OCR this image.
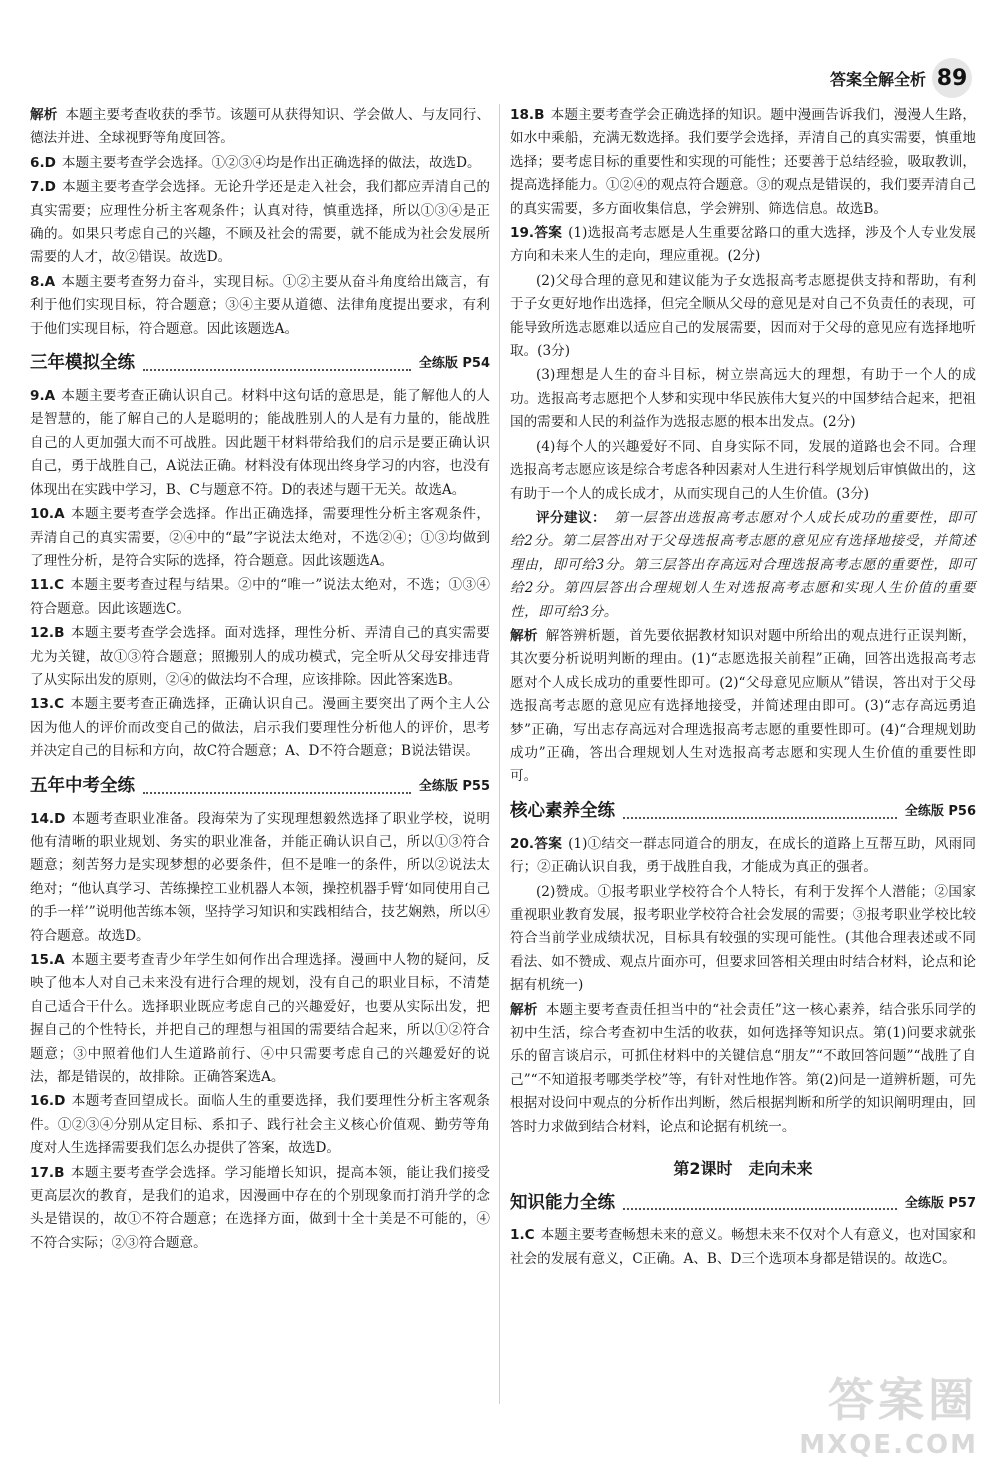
答案全解全析 89

解析 本题主要考查收获的季节。该题可从获得知识、学会做人、与友同行、德法并进、全球视野等角度回答。

6.D 本题主要考查学会选择。①②③④均是作出正确选择的做法，故选D。

7.D 本题主要考查学会选择。无论升学还是走入社会，我们都应弄清自己的真实需要；应理性分析主客观条件；认真对待，慎重选择，所以①③④是正确的。如果只考虑自己的兴趣，不顾及社会的需要，就不能成为社会发展所需要的人才，故②错误。故选D。

8.A 本题主要考查努力奋斗，实现目标。①②主要从奋斗角度给出箴言，有利于他们实现目标，符合题意；③④主要从道德、法律角度提出要求，有利于他们实现目标，符合题意。因此该题选A。

三年模拟全练	全练版 P54

9.A 本题主要考查正确认识自己。材料中这句话的意思是，能了解他人的人是智慧的，能了解自己的人是聪明的；能战胜别人的人是有力量的，能战胜自己的人更加强大而不可战胜。因此题干材料带给我们的启示是要正确认识自己，勇于战胜自己，A说法正确。材料没有体现出终身学习的内容，也没有体现出在实践中学习，B、C与题意不符。D的表述与题干无关。故选A。

10.A 本题主要考查学会选择。作出正确选择，需要理性分析主客观条件，弄清自己的真实需要，②④中的“最”字说法太绝对，不选②④；①③均做到了理性分析，是符合实际的选择，符合题意。因此该题选A。

11.C 本题主要考查过程与结果。②中的“唯一”说法太绝对，不选；①③④符合题意。因此该题选C。

12.B 本题主要考查学会选择。面对选择，理性分析、弄清自己的真实需要尤为关键，故①③符合题意；照搬别人的成功模式，完全听从父母安排违背了从实际出发的原则，②④的做法均不合理，应该排除。因此答案选B。

13.C 本题主要考查正确选择，正确认识自己。漫画主要突出了两个主人公因为他人的评价而改变自己的做法，启示我们要理性分析他人的评价，思考并决定自己的目标和方向，故C符合题意；A、D不符合题意；B说法错误。

五年中考全练	全练版 P55

14.D 本题考查职业准备。段海荣为了实现理想毅然选择了职业学校，说明他有清晰的职业规划、务实的职业准备，并能正确认识自己，所以①③符合题意；刻苦努力是实现梦想的必要条件，但不是唯一的条件，所以②说法太绝对；“他认真学习、苦练操控工业机器人本领，操控机器手臂‘如同使用自己的手一样’”说明他苦练本领，坚持学习知识和实践相结合，技艺娴熟，所以④符合题意。故选D。

15.A 本题主要考查青少年学生如何作出合理选择。漫画中人物的疑问，反映了他本人对自己未来没有进行合理的规划，没有自己的职业目标，不清楚自己适合干什么。选择职业既应考虑自己的兴趣爱好，也要从实际出发，把握自己的个性特长，并把自己的理想与祖国的需要结合起来，所以①②符合题意；③中照着他们人生道路前行、④中只需要考虑自己的兴趣爱好的说法，都是错误的，故排除。正确答案选A。

16.D 本题考查回望成长。面临人生的重要选择，我们要理性分析主客观条件。①②③④分别从定目标、系扣子、践行社会主义核心价值观、勤劳等角度对人生选择需要我们怎么办提供了答案，故选D。

17.B 本题主要考查学会选择。学习能增长知识，提高本领，能让我们接受更高层次的教育，是我们的追求，因漫画中存在的个别现象而打消升学的念头是错误的，故①不符合题意；在选择方面，做到十全十美是不可能的，④不符合实际；②③符合题意。

18.B 本题主要考查学会正确选择的知识。题中漫画告诉我们，漫漫人生路，如水中乘船，充满无数选择。我们要学会选择，弄清自己的真实需要，慎重地选择；要考虑目标的重要性和实现的可能性；还要善于总结经验，吸取教训，提高选择能力。①②④的观点符合题意。③的观点是错误的，我们要弄清自己的真实需要，多方面收集信息，学会辨别、筛选信息。故选B。

19.答案 (1)选报高考志愿是人生重要岔路口的重大选择，涉及个人专业发展方向和未来人生的走向，理应重视。(2分)

(2)父母合理的意见和建议能为子女选报高考志愿提供支持和帮助，有利于子女更好地作出选择，但完全顺从父母的意见是对自己不负责任的表现，可能导致所选志愿难以适应自己的发展需要，因而对于父母的意见应有选择地听取。(3分)

(3)理想是人生的奋斗目标，树立崇高远大的理想，有助于一个人的成功。选报高考志愿把个人梦和实现中华民族伟大复兴的中国梦结合起来，把祖国的需要和人民的利益作为选报志愿的根本出发点。(2分)

(4)每个人的兴趣爱好不同、自身实际不同，发展的道路也会不同。合理选报高考志愿应该是综合考虑各种因素对人生进行科学规划后审慎做出的，这有助于一个人的成长成才，从而实现自己的人生价值。(3分)

评分建议： 第一层答出选报高考志愿对个人成长成功的重要性，即可给2分。第二层答出对于父母选报高考志愿的意见应有选择地接受，并简述理由，即可给3分。第三层答出存高远对合理选报高考志愿的重要性，即可给2分。第四层答出合理规划人生对选报高考志愿和实现人生价值的重要性，即可给3分。

解析 解答辨析题，首先要依据教材知识对题中所给出的观点进行正误判断，其次要分析说明判断的理由。(1)“志愿选报关前程”正确，回答出选报高考志愿对个人成长成功的重要性即可。(2)“父母意见应顺从”错误，答出对于父母选报高考志愿的意见应有选择地接受，并简述理由即可。(3)“志存高远勇追梦”正确，写出志存高远对合理选报高考志愿的重要性即可。(4)“合理规划助成功”正确，答出合理规划人生对选报高考志愿和实现人生价值的重要性即可。

核心素养全练	全练版 P56

20.答案 (1)①结交一群志同道合的朋友，在成长的道路上互帮互助，风雨同行；②正确认识自我，勇于战胜自我，才能成为真正的强者。

(2)赞成。①报考职业学校符合个人特长，有利于发挥个人潜能；②国家重视职业教育发展，报考职业学校符合社会发展的需要；③报考职业学校比较符合当前学业成绩状况，目标具有较强的实现可能性。(其他合理表述或不同看法、如不赞成、观点片面亦可，但要求回答相关理由时结合材料，论点和论据有机统一)

解析 本题主要考查责任担当中的“社会责任”这一核心素养，结合张乐同学的初中生活，综合考查初中生活的收获，如何选择等知识点。第(1)问要求就张乐的留言谈启示，可抓住材料中的关键信息“朋友”“不敢回答问题”“战胜了自己”“不知道报考哪类学校”等，有针对性地作答。第(2)问是一道辨析题，可先根据对设问中观点的分析作出判断，然后根据判断和所学的知识阐明理由，回答时力求做到结合材料，论点和论据有机统一。

第2课时　走向未来
知识能力全练	全练版 P57

1.C 本题主要考查畅想未来的意义。畅想未来不仅对个人有意义，也对国家和社会的发展有意义，C正确。A、B、D三个选项本身都是错误的。故选C。

答案圈
MXQE.COM
